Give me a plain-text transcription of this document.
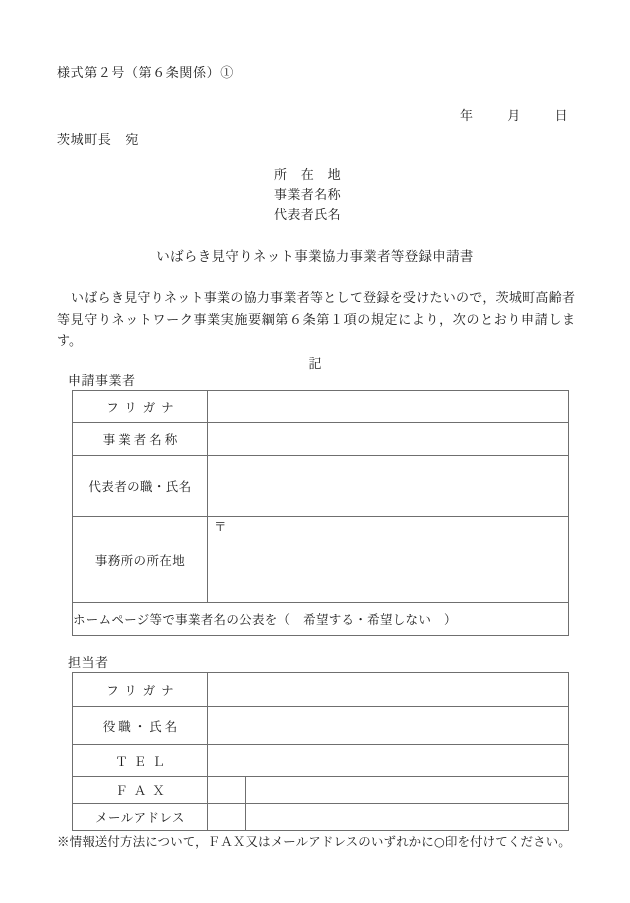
様式第２号（第６条関係）①
年	月	日
茨城町長 宛
所　在　地
事業者名称
代表者氏名
いばらき見守りネット事業協力事業者等登録申請書
いばらき見守りネット事業の協力事業者等として登録を受けたいので，茨城町高齢者等見守りネットワーク事業実施要綱第６条第１項の規定により，次のとおり申請します。
記
申請事業者
フリガナ	
事業者名称	
代表者の職・氏名	
事務所の所在地	〒

ホームページ等で事業者名の公表を（　希望する・希望しない　）	
担当者
フリガナ		
役職・氏名		
ＴＥＬ		
ＦＡＸ		
メールアドレス		
※情報送付方法について，ＦＡＸ又はメールアドレスのいずれかに○印を付けてください。
